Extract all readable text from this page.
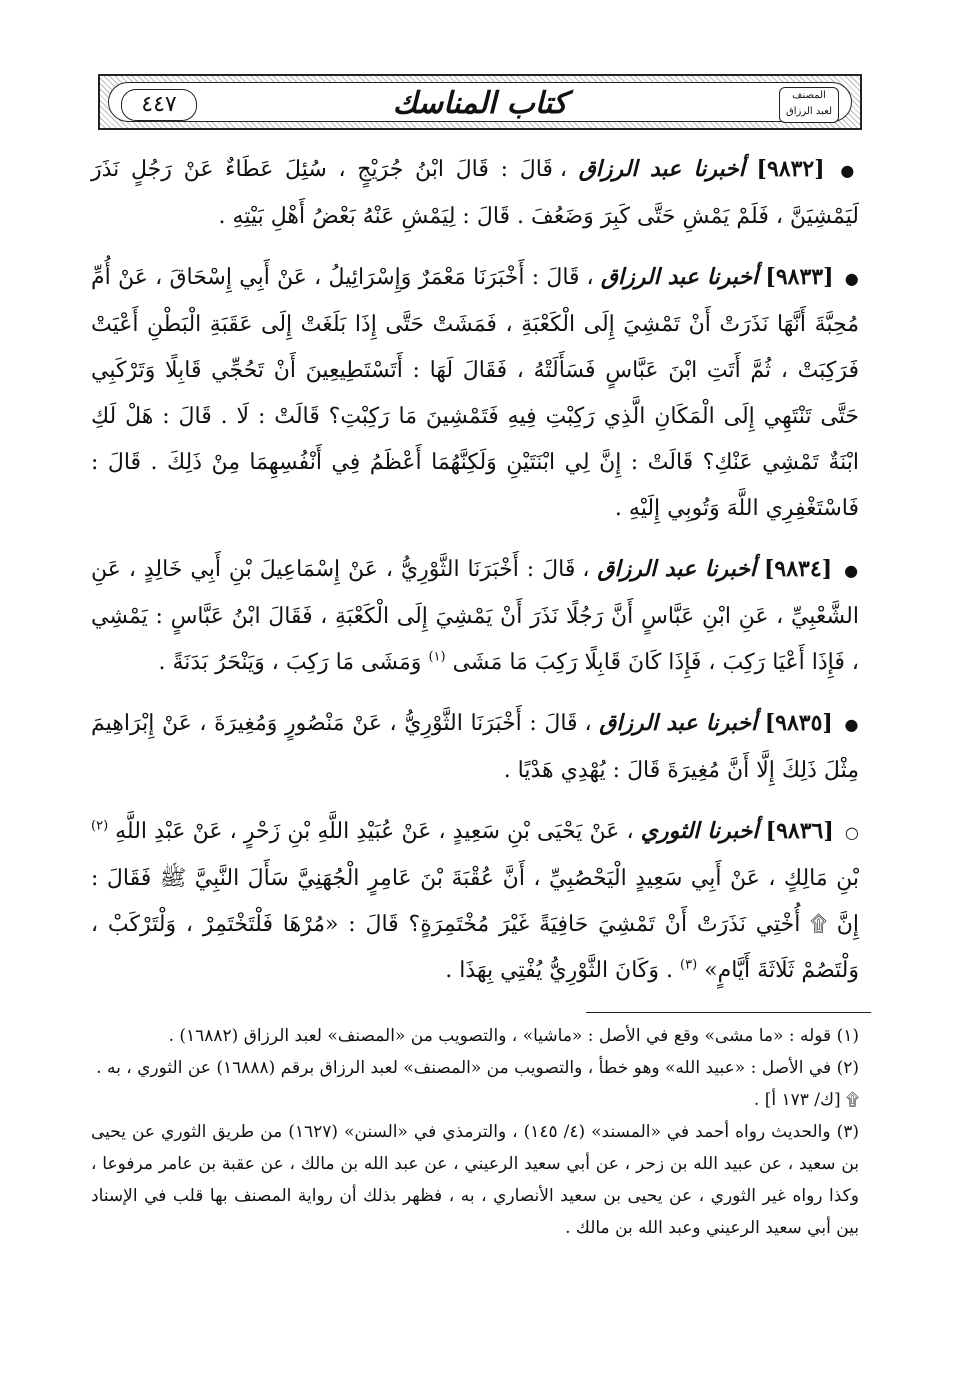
المصنف
لعبد الرزاق
كتاب المناسك
٤٤٧

● [٩٨٣٢] أخبرنا عبد الرزاق ، قَالَ : قَالَ ابْنُ جُرَيْجٍ ، سُئِلَ عَطَاءٌ عَنْ رَجُلٍ نَذَرَ لَيَمْشِيَنَّ ، فَلَمْ يَمْشِ حَتَّى كَبِرَ وَضَعُفَ . قَالَ : لِيَمْشِ عَنْهُ بَعْضُ أَهْلِ بَيْتِهِ .

● [٩٨٣٣] أخبرنا عبد الرزاق ، قَالَ : أَخْبَرَنَا مَعْمَرٌ وَإِسْرَائِيلُ ، عَنْ أَبِي إِسْحَاقَ ، عَنْ أُمِّ مُحِبَّةَ أَنَّهَا نَذَرَتْ أَنْ تَمْشِيَ إِلَى الْكَعْبَةِ ، فَمَشَتْ حَتَّى إِذَا بَلَغَتْ إِلَى عَقَبَةِ الْبَطْنِ أَعْيَتْ فَرَكِبَتْ ، ثُمَّ أَتَتِ ابْنَ عَبَّاسٍ فَسَأَلَتْهُ ، فَقَالَ لَهَا : أَتَسْتَطِيعِينَ أَنْ تَحُجِّي قَابِلًا وَتَرْكَبِي حَتَّى تَنْتَهِي إِلَى الْمَكَانِ الَّذِي رَكِبْتِ فِيهِ فَتَمْشِينَ مَا رَكِبْتِ؟ قَالَتْ : لَا . قَالَ : هَلْ لَكِ ابْنَةٌ تَمْشِي عَنْكِ؟ قَالَتْ : إِنَّ لِي ابْنَتَيْنِ وَلَكِنَّهُمَا أَعْظَمُ فِي أَنْفُسِهِمَا مِنْ ذَلِكَ . قَالَ : فَاسْتَغْفِرِي اللَّهَ وَتُوبِي إِلَيْهِ .

● [٩٨٣٤] أخبرنا عبد الرزاق ، قَالَ : أَخْبَرَنَا الثَّوْرِيُّ ، عَنْ إِسْمَاعِيلَ بْنِ أَبِي خَالِدٍ ، عَنِ الشَّعْبِيِّ ، عَنِ ابْنِ عَبَّاسٍ أَنَّ رَجُلًا نَذَرَ أَنْ يَمْشِيَ إِلَى الْكَعْبَةِ ، فَقَالَ ابْنُ عَبَّاسٍ : يَمْشِي ، فَإِذَا أَعْيَا رَكِبَ ، فَإِذَا كَانَ قَابِلًا رَكِبَ مَا مَشَى $^{(١)}$ وَمَشَى مَا رَكِبَ ، وَيَنْحَرُ بَدَنَةً .

● [٩٨٣٥] أخبرنا عبد الرزاق ، قَالَ : أَخْبَرَنَا الثَّوْرِيُّ ، عَنْ مَنْصُورٍ وَمُغِيرَةَ ، عَنْ إِبْرَاهِيمَ مِثْلَ ذَلِكَ إِلَّا أَنَّ مُغِيرَةَ قَالَ : يُهْدِي هَدْيًا .

○ [٩٨٣٦] أخبرنا الثوري ، عَنْ يَحْيَى بْنِ سَعِيدٍ ، عَنْ عُبَيْدِ اللَّهِ بْنِ زَحْرٍ ، عَنْ عَبْدِ اللَّهِ $^{(٢)}$ بْنِ مَالِكٍ ، عَنْ أَبِي سَعِيدٍ الْيَحْصُبِيِّ ، أَنَّ عُقْبَةَ بْنَ عَامِرٍ الْجُهَنِيَّ سَأَلَ النَّبِيَّ ﷺ فَقَالَ : إِنَّ ۩ أُخْتِي نَذَرَتْ أَنْ تَمْشِيَ حَافِيَةً غَيْرَ مُخْتَمِرَةٍ؟ قَالَ : «مُرْهَا فَلْتَخْتَمِرْ ، وَلْتَرْكَبْ ، وَلْتَصُمْ ثَلَاثَةَ أَيَّامٍ» $^{(٣)}$ . وَكَانَ الثَّوْرِيُّ يُفْتِي بِهَذَا .

(١) قوله : «ما مشى» وقع في الأصل : «ماشيا» ، والتصويب من «المصنف» لعبد الرزاق (١٦٨٨٢) .

(٢) في الأصل : «عبيد الله» وهو خطأ ، والتصويب من «المصنف» لعبد الرزاق برقم (١٦٨٨٨) عن الثوري ، به .

۩ [ك/ ١٧٣ أ] .

(٣) والحديث رواه أحمد في «المسند» (٤/ ١٤٥) ، والترمذي في «السنن» (١٦٢٧) من طريق الثوري عن يحيى بن سعيد ، عن عبيد الله بن زحر ، عن أبي سعيد الرعيني ، عن عبد الله بن مالك ، عن عقبة بن عامر مرفوعا ، وكذا رواه غير الثوري ، عن يحيى بن سعيد الأنصاري ، به ، فظهر بذلك أن رواية المصنف بها قلب في الإسناد بين أبي سعيد الرعيني وعبد الله بن مالك .
